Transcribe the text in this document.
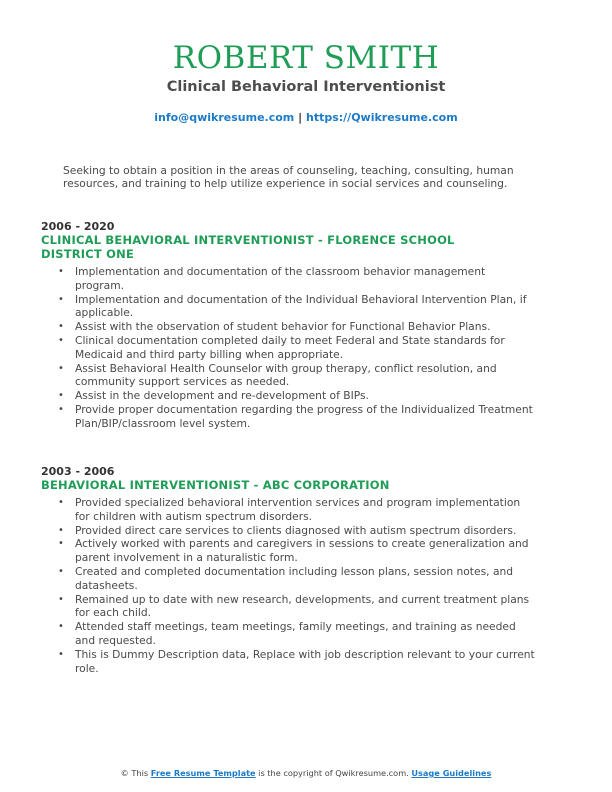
ROBERT SMITH
Clinical Behavioral Interventionist
info@qwikresume.com | https://Qwikresume.com
Seeking to obtain a position in the areas of counseling, teaching, consulting, human resources, and training to help utilize experience in social services and counseling.
2006 - 2020
CLINICAL BEHAVIORAL INTERVENTIONIST - FLORENCE SCHOOL DISTRICT ONE
• Implementation and documentation of the classroom behavior management program.
• Implementation and documentation of the Individual Behavioral Intervention Plan, if applicable.
• Assist with the observation of student behavior for Functional Behavior Plans.
• Clinical documentation completed daily to meet Federal and State standards for Medicaid and third party billing when appropriate.
• Assist Behavioral Health Counselor with group therapy, conflict resolution, and community support services as needed.
• Assist in the development and re-development of BIPs.
• Provide proper documentation regarding the progress of the Individualized Treatment Plan/BIP/classroom level system.
2003 - 2006
BEHAVIORAL INTERVENTIONIST - ABC CORPORATION
• Provided specialized behavioral intervention services and program implementation for children with autism spectrum disorders.
• Provided direct care services to clients diagnosed with autism spectrum disorders.
• Actively worked with parents and caregivers in sessions to create generalization and parent involvement in a naturalistic form.
• Created and completed documentation including lesson plans, session notes, and datasheets.
• Remained up to date with new research, developments, and current treatment plans for each child.
• Attended staff meetings, team meetings, family meetings, and training as needed and requested.
• This is Dummy Description data, Replace with job description relevant to your current role.
© This Free Resume Template is the copyright of Qwikresume.com. Usage Guidelines
